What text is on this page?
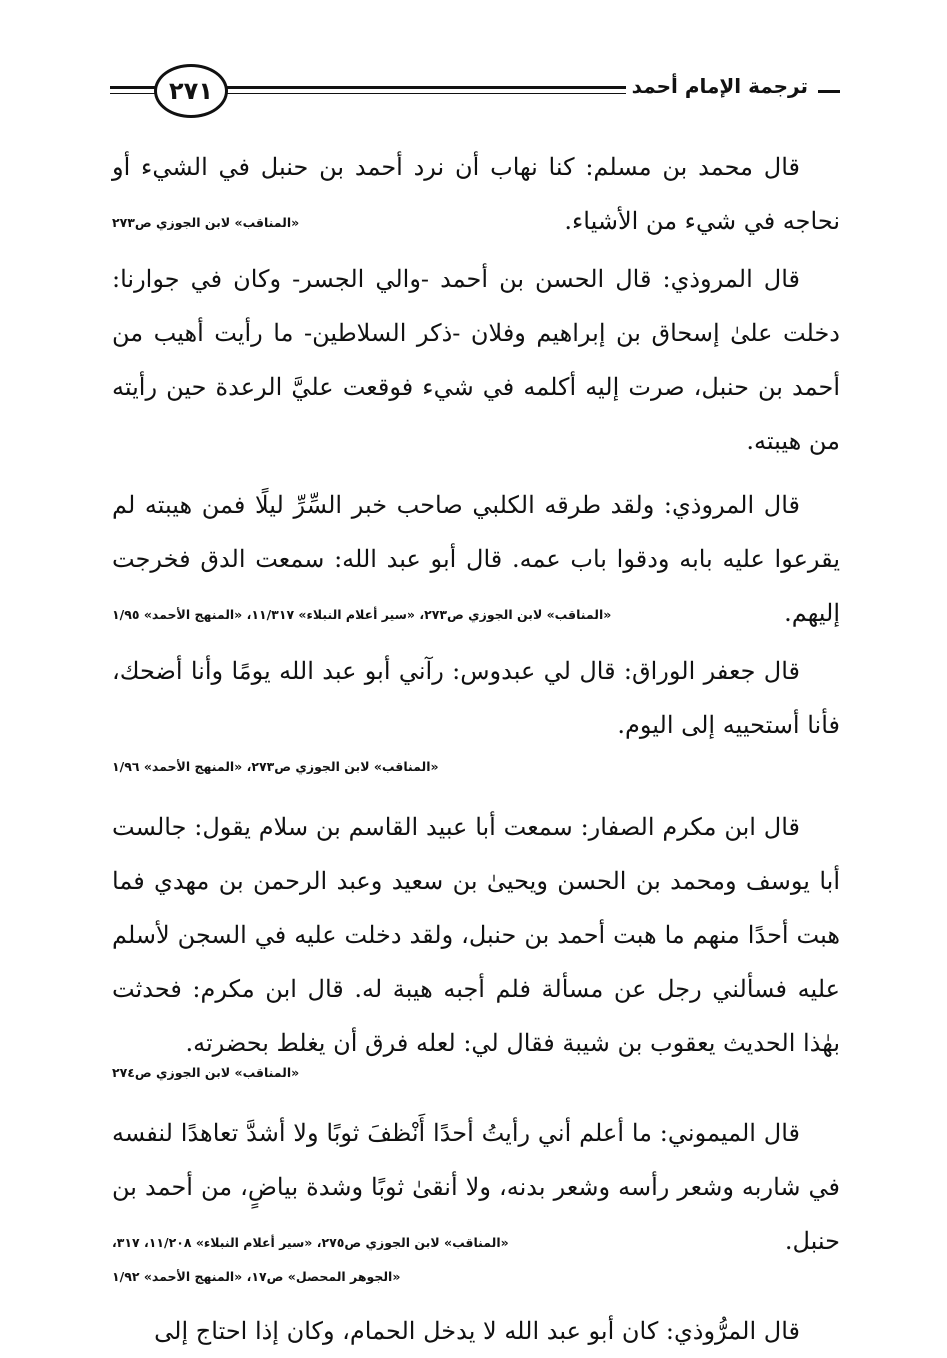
٢٧١	ترجمة الإمام أحمد

قال محمد بن مسلم: كنا نهاب أن نرد أحمد بن حنبل في الشيء أو نحاجه في شيء من الأشياء.

«المناقب» لابن الجوزي ص٢٧٣

قال المروذي: قال الحسن بن أحمد -والي الجسر- وكان في جوارنا: دخلت علىٰ إسحاق بن إبراهيم وفلان -ذكر السلاطين- ما رأيت أهيب من أحمد بن حنبل، صرت إليه أكلمه في شيء فوقعت عليَّ الرعدة حين رأيته من هيبته.

قال المروذي: ولقد طرقه الكلبي صاحب خبر السِّرِّ ليلًا فمن هيبته لم يقرعوا عليه بابه ودقوا باب عمه. قال أبو عبد الله: سمعت الدق فخرجت إليهم.

«المناقب» لابن الجوزي ص٢٧٣، «سير أعلام النبلاء» ١١/٣١٧، «المنهج الأحمد» ١/٩٥

قال جعفر الوراق: قال لي عبدوس: رآني أبو عبد الله يومًا وأنا أضحك، فأنا أستحييه إلى اليوم.

«المناقب» لابن الجوزي ص٢٧٣، «المنهج الأحمد» ١/٩٦

قال ابن مكرم الصفار: سمعت أبا عبيد القاسم بن سلام يقول: جالست أبا يوسف ومحمد بن الحسن ويحيىٰ بن سعيد وعبد الرحمن بن مهدي فما هبت أحدًا منهم ما هبت أحمد بن حنبل، ولقد دخلت عليه في السجن لأسلم عليه فسألني رجل عن مسألة فلم أجبه هيبة له. قال ابن مكرم: فحدثت بهٰذا الحديث يعقوب بن شيبة فقال لي: لعله فرق أن يغلط بحضرته.

«المناقب» لابن الجوزي ص٢٧٤

قال الميموني: ما أعلم أني رأيتُ أحدًا أَنْظفَ ثوبًا ولا أشدَّ تعاهدًا لنفسه في شاربه وشعر رأسه وشعر بدنه، ولا أنقىٰ ثوبًا وشدة بياضٍ، من أحمد بن حنبل.

«المناقب» لابن الجوزي ص٢٧٥، «سير أعلام النبلاء» ١١/٢٠٨، ٣١٧،
«الجوهر المحصل» ص١٧، «المنهج الأحمد» ١/٩٢

قال المرُّوذي: كان أبو عبد الله لا يدخل الحمام، وكان إذا احتاج إلى
